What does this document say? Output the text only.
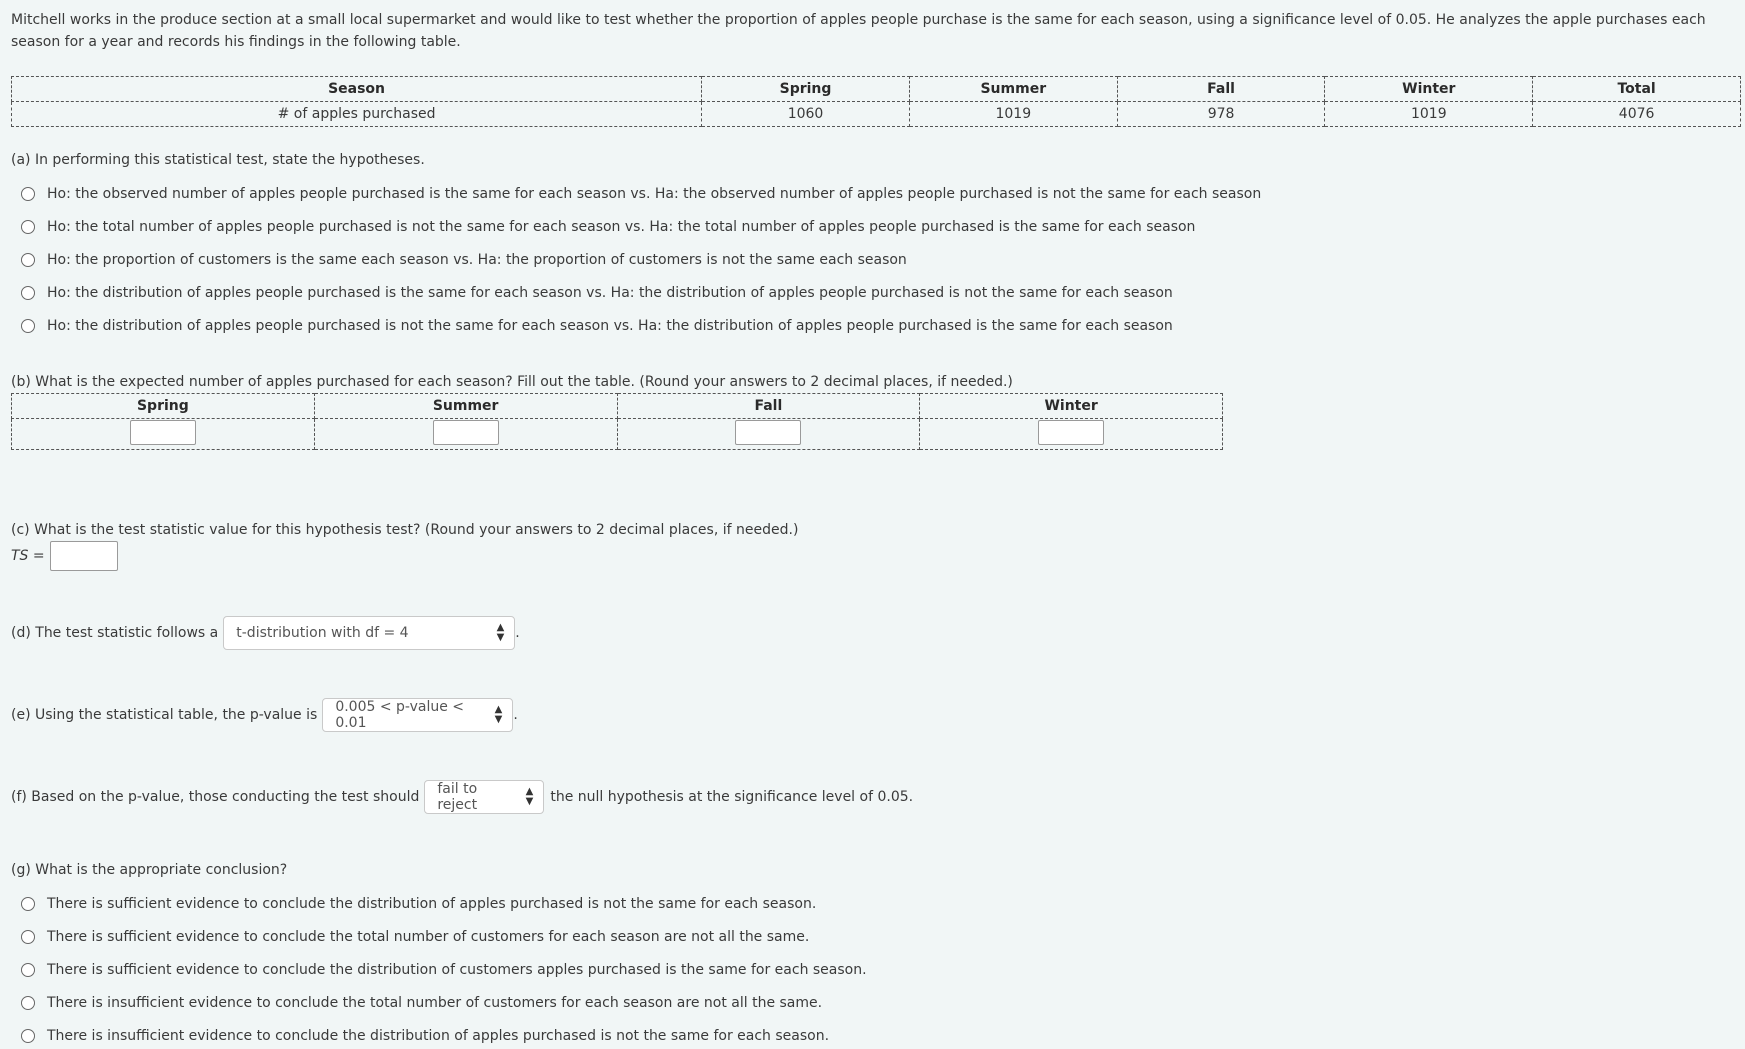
Mitchell works in the produce section at a small local supermarket and would like to test whether the proportion of apples people purchase is the same for each season, using a significance level of 0.05. He analyzes the apple purchases each season for a year and records his findings in the following table.
Season	Spring	Summer	Fall	Winter	Total
# of apples purchased	1060	1019	978	1019	4076
(a) In performing this statistical test, state the hypotheses.
Ho: the observed number of apples people purchased is the same for each season vs. Ha: the observed number of apples people purchased is not the same for each season
Ho: the total number of apples people purchased is not the same for each season vs. Ha: the total number of apples people purchased is the same for each season
Ho: the proportion of customers is the same each season vs. Ha: the proportion of customers is not the same each season
Ho: the distribution of apples people purchased is the same for each season vs. Ha: the distribution of apples people purchased is not the same for each season
Ho: the distribution of apples people purchased is not the same for each season vs. Ha: the distribution of apples people purchased is the same for each season
(b) What is the expected number of apples purchased for each season? Fill out the table. (Round your answers to 2 decimal places, if needed.)
Spring	Summer	Fall	Winter

(c) What is the test statistic value for this hypothesis test? (Round your answers to 2 decimal places, if needed.)
TS =
(d) The test statistic follows a t-distribution with df = 4	▲
▼ .
(e) Using the statistical table, the p-value is 0.005 < p-value < 0.01
▲
▼ .
(f) Based on the p-value, those conducting the test should fail to reject
▲
▼ the null hypothesis at the significance level of 0.05.
(g) What is the appropriate conclusion?
There is sufficient evidence to conclude the distribution of apples purchased is not the same for each season.
There is sufficient evidence to conclude the total number of customers for each season are not all the same.
There is sufficient evidence to conclude the distribution of customers apples purchased is the same for each season.
There is insufficient evidence to conclude the total number of customers for each season are not all the same.
There is insufficient evidence to conclude the distribution of apples purchased is not the same for each season.
